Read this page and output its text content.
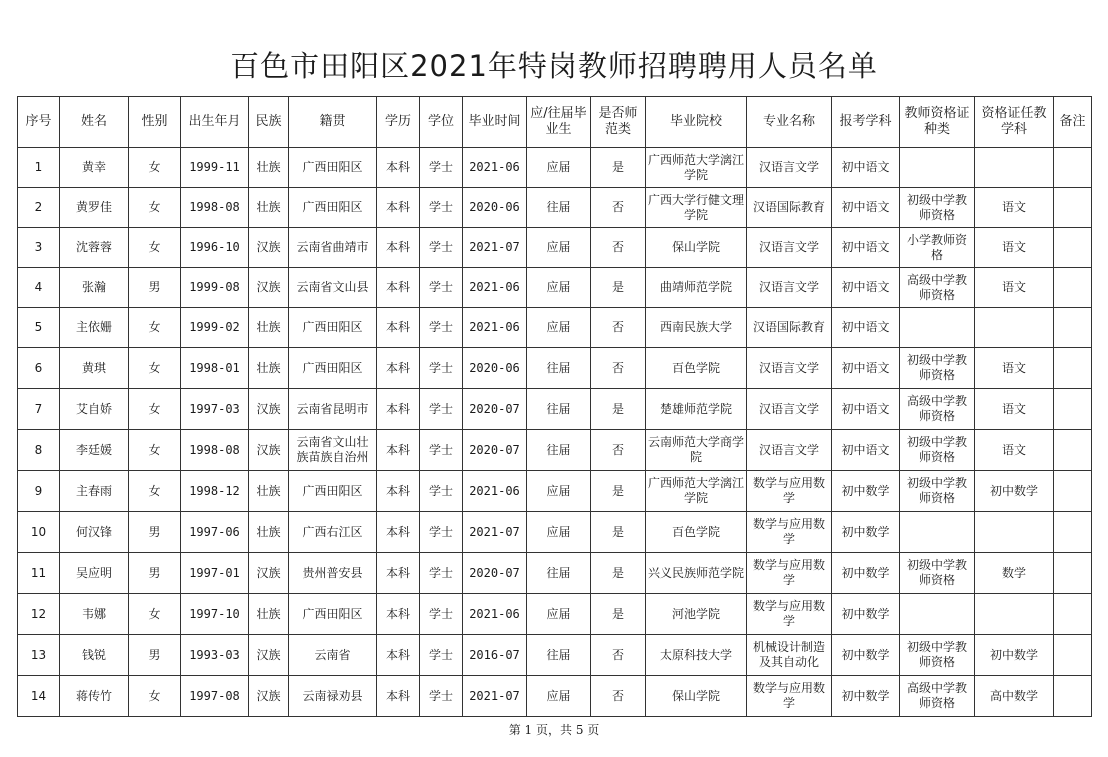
百色市田阳区2021年特岗教师招聘聘用人员名单
序号	姓名	性别	出生年月	民族	籍贯	学历	学位	毕业时间	应/往届毕业生	是否师范类	毕业院校	专业名称	报考学科	教师资格证种类	资格证任教学科	备注
1	黄幸	女	1999-11	壮族	广西田阳区	本科	学士	2021-06	应届	是	广西师范大学漓江学院	汉语言文学	初中语文			
2	黄罗佳	女	1998-08	壮族	广西田阳区	本科	学士	2020-06	往届	否	广西大学行健文理学院	汉语国际教育	初中语文	初级中学教师资格	语文	
3	沈蓉蓉	女	1996-10	汉族	云南省曲靖市	本科	学士	2021-07	应届	否	保山学院	汉语言文学	初中语文	小学教师资格	语文	
4	张瀚	男	1999-08	汉族	云南省文山县	本科	学士	2021-06	应届	是	曲靖师范学院	汉语言文学	初中语文	高级中学教师资格	语文	
5	主依姗	女	1999-02	壮族	广西田阳区	本科	学士	2021-06	应届	否	西南民族大学	汉语国际教育	初中语文			
6	黄琪	女	1998-01	壮族	广西田阳区	本科	学士	2020-06	往届	否	百色学院	汉语言文学	初中语文	初级中学教师资格	语文	
7	艾自娇	女	1997-03	汉族	云南省昆明市	本科	学士	2020-07	往届	是	楚雄师范学院	汉语言文学	初中语文	高级中学教师资格	语文	
8	李廷媛	女	1998-08	汉族	云南省文山壮族苗族自治州	本科	学士	2020-07	往届	否	云南师范大学商学院	汉语言文学	初中语文	初级中学教师资格	语文	
9	主春雨	女	1998-12	壮族	广西田阳区	本科	学士	2021-06	应届	是	广西师范大学漓江学院	数学与应用数学	初中数学	初级中学教师资格	初中数学	
10	何汉锋	男	1997-06	壮族	广西右江区	本科	学士	2021-07	应届	是	百色学院	数学与应用数学	初中数学			
11	吴应明	男	1997-01	汉族	贵州普安县	本科	学士	2020-07	往届	是	兴义民族师范学院	数学与应用数学	初中数学	初级中学教师资格	数学	
12	韦娜	女	1997-10	壮族	广西田阳区	本科	学士	2021-06	应届	是	河池学院	数学与应用数学	初中数学			
13	钱锐	男	1993-03	汉族	云南省	本科	学士	2016-07	往届	否	太原科技大学	机械设计制造及其自动化	初中数学	初级中学教师资格	初中数学	
14	蒋传竹	女	1997-08	汉族	云南禄劝县	本科	学士	2021-07	应届	否	保山学院	数学与应用数学	初中数学	高级中学教师资格	高中数学	
第 1 页，共 5 页
